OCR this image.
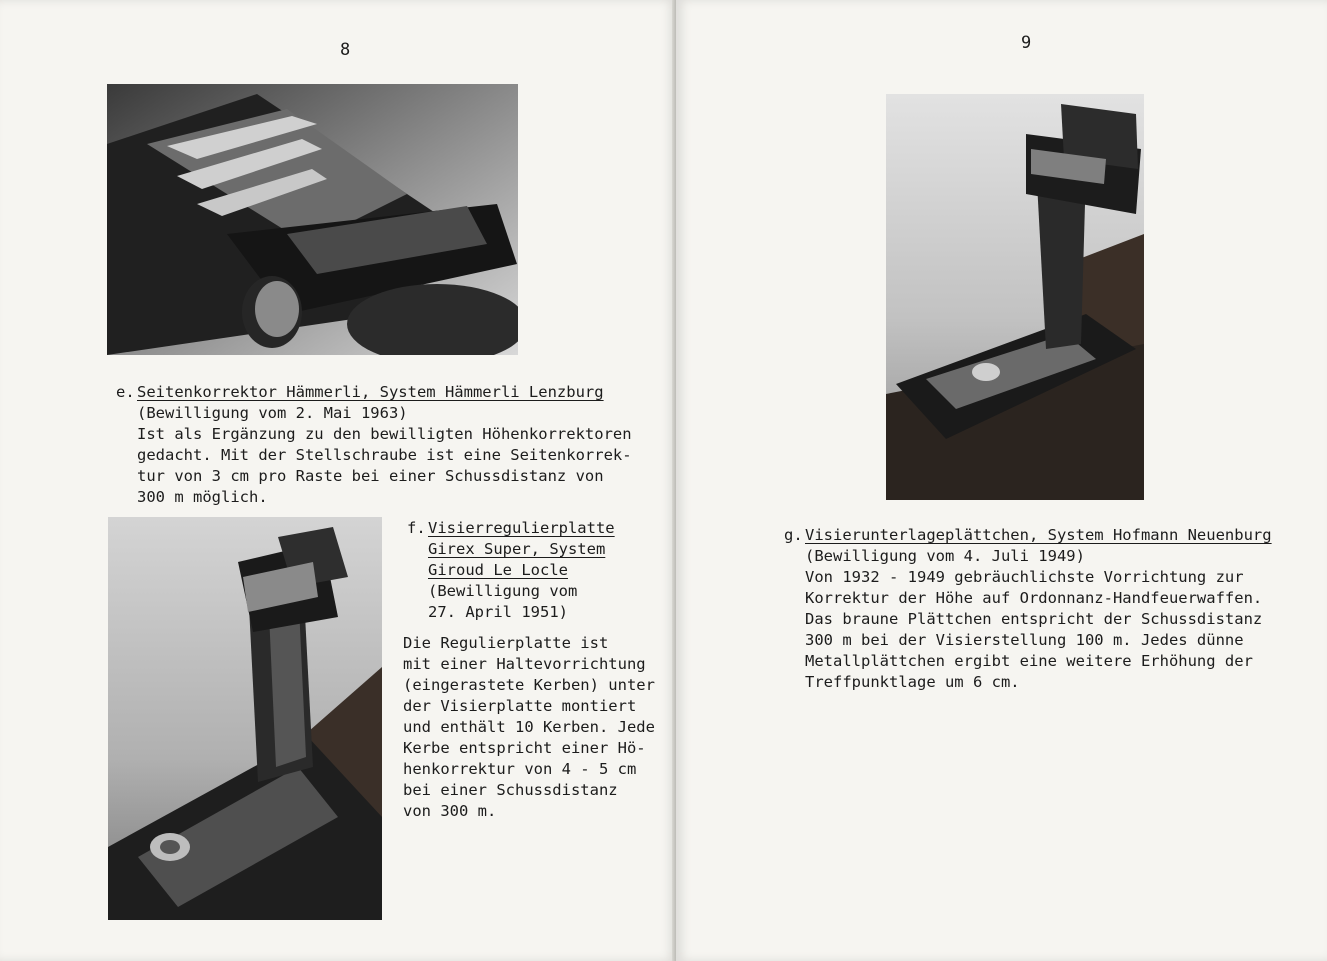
8
e. Seitenkorrektor Hämmerli, System Hämmerli Lenzburg
(Bewilligung vom 2. Mai 1963)
Ist als Ergänzung zu den bewilligten Höhenkorrektoren
gedacht. Mit der Stellschraube ist eine Seitenkorrek-
tur von 3 cm pro Raste bei einer Schussdistanz von
300 m möglich.
f. Visierregulierplatte
Girex Super, System
Giroud Le Locle
(Bewilligung vom
27. April 1951)
Die Regulierplatte ist
mit einer Haltevorrichtung
(eingerastete Kerben) unter
der Visierplatte montiert
und enthält 10 Kerben. Jede
Kerbe entspricht einer Hö-
henkorrektur von 4 - 5 cm
bei einer Schussdistanz
von 300 m.
9
g. Visierunterlageplättchen, System Hofmann Neuenburg
(Bewilligung vom 4. Juli 1949)
Von 1932 - 1949 gebräuchlichste Vorrichtung zur
Korrektur der Höhe auf Ordonnanz-Handfeuerwaffen.
Das braune Plättchen entspricht der Schussdistanz
300 m bei der Visierstellung 100 m. Jedes dünne
Metallplättchen ergibt eine weitere Erhöhung der
Treffpunktlage um 6 cm.
